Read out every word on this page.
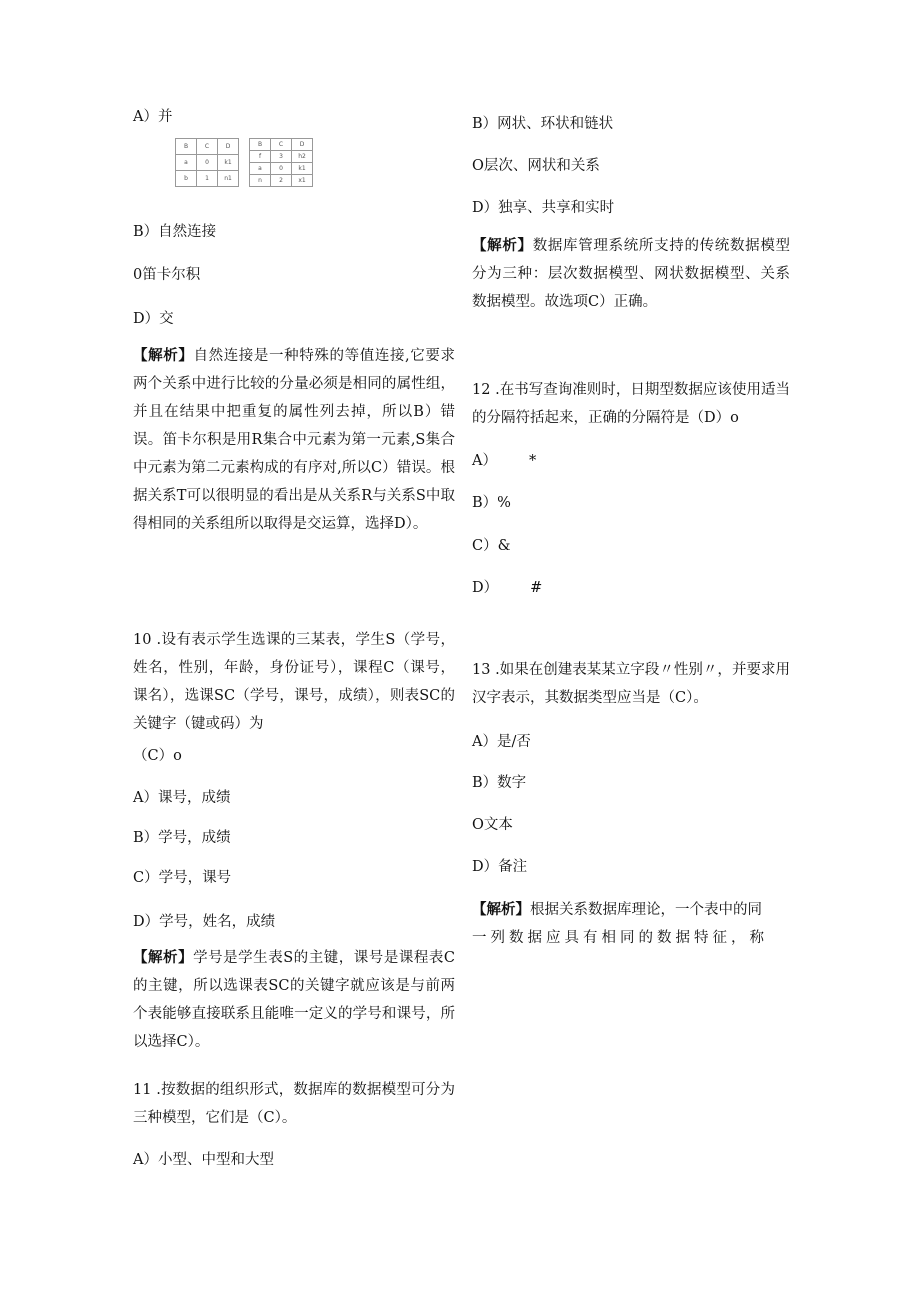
A）并
B	C	D
a	0	k1
b	1	n1
B	C	D
f	3	h2
a	0	k1
n	2	x1
B）自然连接
0笛卡尔积
D）交
【解析】自然连接是一种特殊的等值连接,它要求两个关系中进行比较的分量必须是相同的属性组，并且在结果中把重复的属性列去掉，所以B）错误。笛卡尔积是用R集合中元素为第一元素,S集合中元素为第二元素构成的有序对,所以C）错误。根据关系T可以很明显的看出是从关系R与关系S中取得相同的关系组所以取得是交运算，选择D）。
10 .设有表示学生选课的三某表，学生S（学号，姓名，性别，年龄，身份证号），课程C（课号，课名），选课SC（学号，课号，成绩），则表SC的关键字（键或码）为
（C）o
A）课号，成绩
B）学号，成绩
C）学号，课号
D）学号，姓名，成绩
【解析】学号是学生表S的主键，课号是课程表C的主键，所以选课表SC的关键字就应该是与前两个表能够直接联系且能唯一定义的学号和课号，所以选择C）。
11 .按数据的组织形式，数据库的数据模型可分为三种模型，它们是（C）。
A）小型、中型和大型
B）网状、环状和链状
O层次、网状和关系
D）独享、共享和实时
【解析】数据库管理系统所支持的传统数据模型分为三种：层次数据模型、网状数据模型、关系数据模型。故选项C）正确。
12 .在书写查询准则时，日期型数据应该使用适当的分隔符括起来，正确的分隔符是（D）o
A） *
B）%
C）&
D） #
13 .如果在创建表某某立字段〃性别〃，并要求用汉字表示，其数据类型应当是（C）。
A）是/否
B）数字
O文本
D）备注
【解析】根据关系数据库理论，一个表中的同
一列数据应具有相同的数据特征，称
